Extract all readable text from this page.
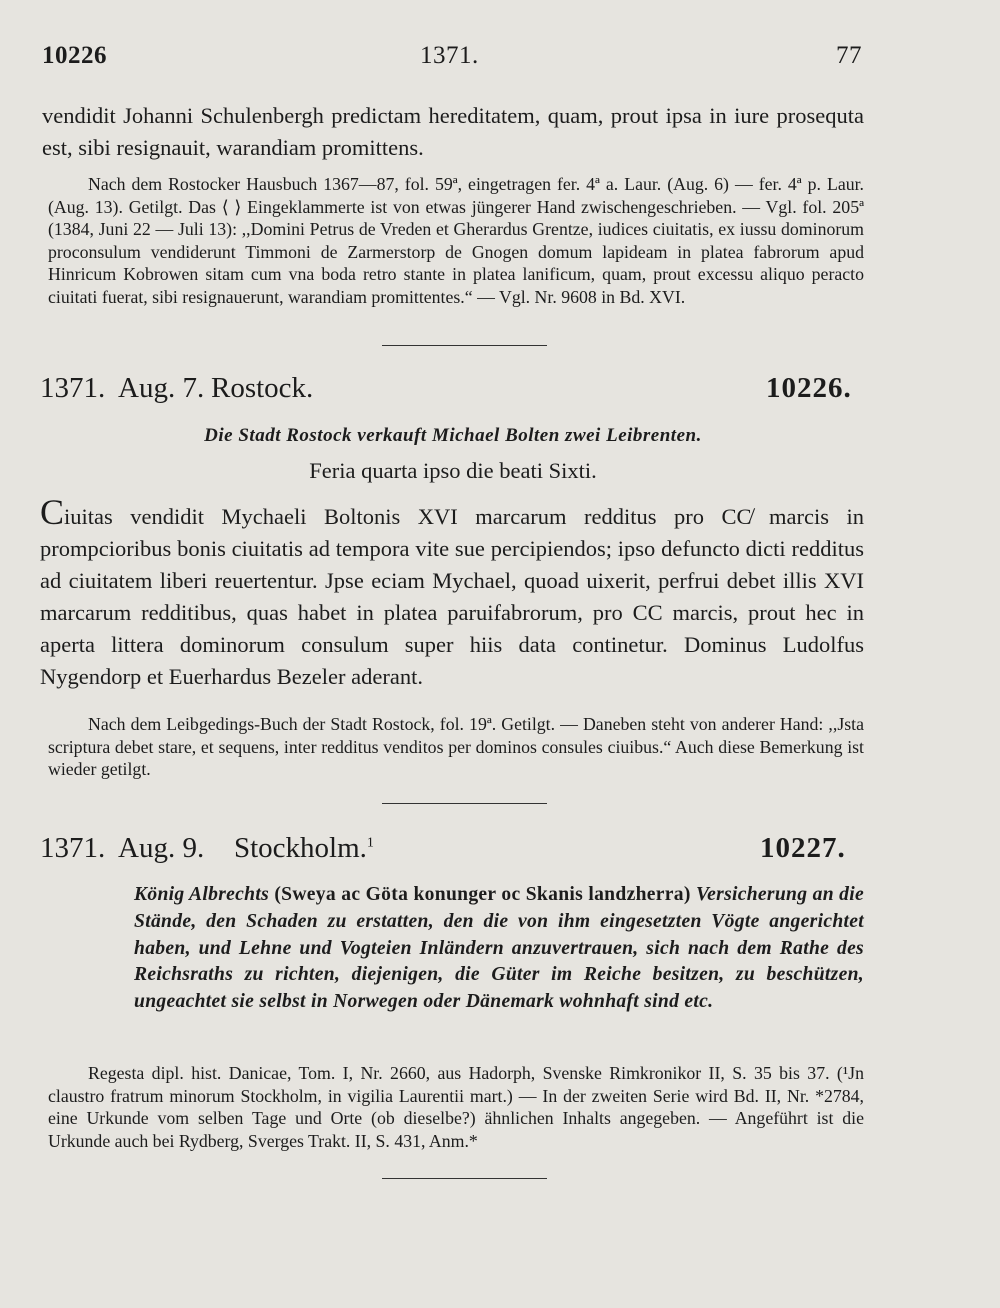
10226	1371.	77
vendidit Johanni Schulenbergh predictam hereditatem, quam, prout ipsa in iure prosequta est, sibi resignauit, warandiam promittens.

Nach dem Rostocker Hausbuch 1367—87, fol. 59ª, eingetragen fer. 4ª a. Laur. (Aug. 6) — fer. 4ª p. Laur. (Aug. 13). Getilgt. Das ⟨ ⟩ Eingeklammerte ist von etwas jüngerer Hand zwischengeschrieben. — Vgl. fol. 205ª (1384, Juni 22 — Juli 13): ,,Domini Petrus de Vreden et Gherardus Grentze, iudices ciuitatis, ex iussu dominorum proconsulum vendiderunt Timmoni de Zarmerstorp de Gnogen domum lapideam in platea fabrorum apud Hinricum Kobrowen sitam cum vna boda retro stante in platea lanificum, quam, prout excessu aliquo peracto ciuitati fuerat, sibi resignauerunt, warandiam promittentes.“ — Vgl. Nr. 9608 in Bd. XVI.

1371. Aug. 7. Rostock.	10226.
Die Stadt Rostock verkauft Michael Bolten zwei Leibrenten.
Feria quarta ipso die beati Sixti.
Ciuitas vendidit Mychaeli Boltonis XVI marcarum redditus pro CC̸ marcis in prompcioribus bonis ciuitatis ad tempora vite sue percipiendos; ipso defuncto dicti redditus ad ciuitatem liberi reuertentur. Jpse eciam Mychael, quoad uixerit, perfrui debet illis XVI marcarum redditibus, quas habet in platea paruifabrorum, pro CC marcis, prout hec in aperta littera dominorum consulum super hiis data continetur. Dominus Ludolfus Nygendorp et Euerhardus Bezeler aderant.

Nach dem Leibgedings-Buch der Stadt Rostock, fol. 19ª. Getilgt. — Daneben steht von anderer Hand: ,,Jsta scriptura debet stare, et sequens, inter redditus venditos per dominos consules ciuibus.“ Auch diese Bemerkung ist wieder getilgt.

1371. Aug. 9. Stockholm.$^1$	10227.
König Albrechts (Sweya ac Göta konunger oc Skanis landzherra) Versicherung an die Stände, den Schaden zu erstatten, den die von ihm eingesetzten Vögte angerichtet haben, und Lehne und Vogteien Inländern anzuvertrauen, sich nach dem Rathe des Reichsraths zu richten, diejenigen, die Güter im Reiche besitzen, zu beschützen, ungeachtet sie selbst in Norwegen oder Dänemark wohnhaft sind etc.

Regesta dipl. hist. Danicae, Tom. I, Nr. 2660, aus Hadorph, Svenske Rimkronikor II, S. 35 bis 37. (¹Jn claustro fratrum minorum Stockholm, in vigilia Laurentii mart.) — In der zweiten Serie wird Bd. II, Nr. *2784, eine Urkunde vom selben Tage und Orte (ob dieselbe?) ähnlichen Inhalts angegeben. — Angeführt ist die Urkunde auch bei Rydberg, Sverges Trakt. II, S. 431, Anm.*
